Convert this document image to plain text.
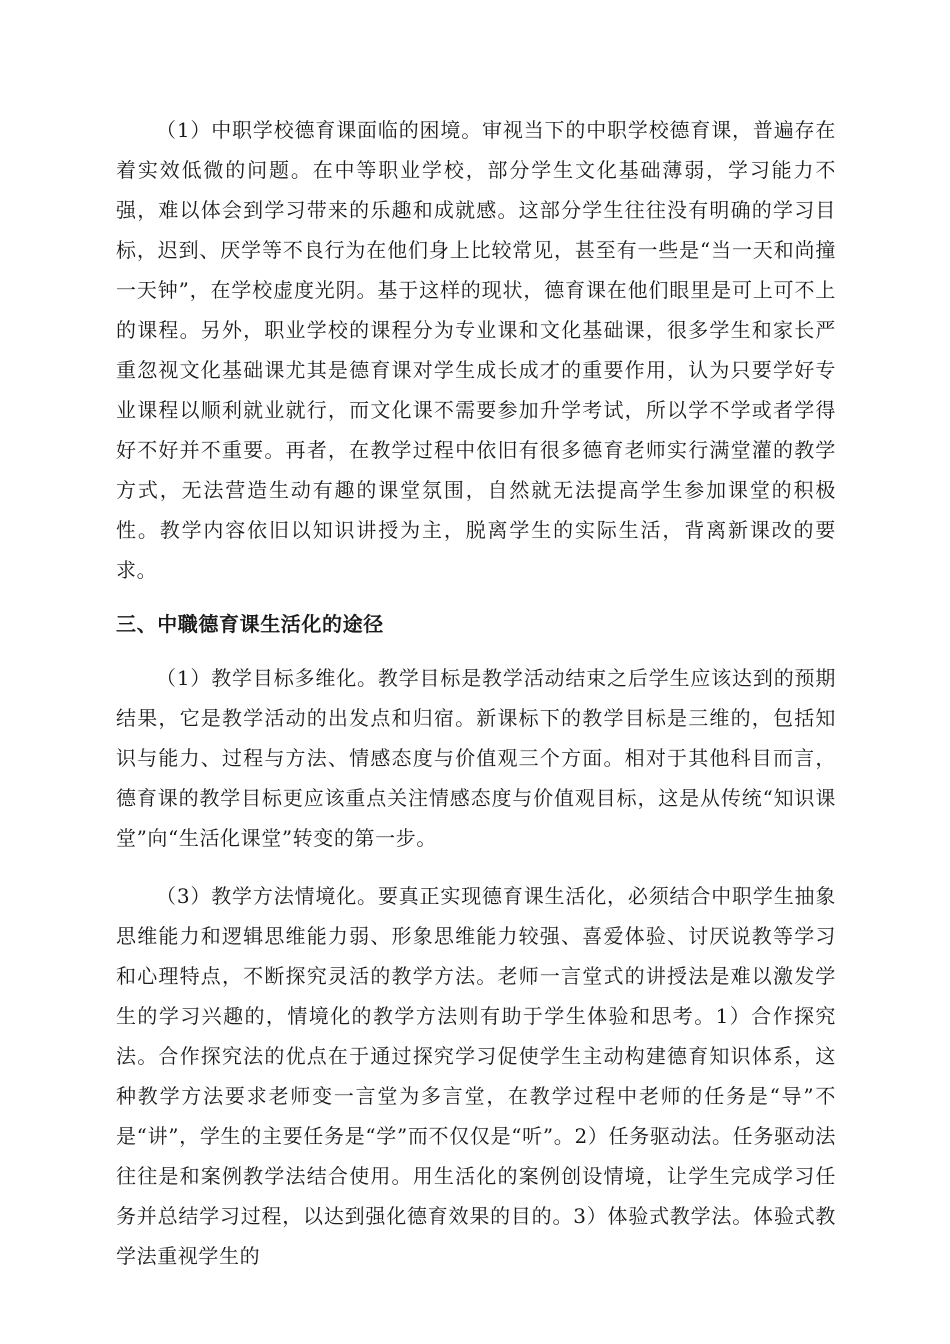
（1）中职学校德育课面临的困境。审视当下的中职学校德育课，普遍存在着实效低微的问题。在中等职业学校，部分学生文化基础薄弱，学习能力不强，难以体会到学习带来的乐趣和成就感。这部分学生往往没有明确的学习目标，迟到、厌学等不良行为在他们身上比较常见，甚至有一些是“当一天和尚撞一天钟”，在学校虚度光阴。基于这样的现状，德育课在他们眼里是可上可不上的课程。另外，职业学校的课程分为专业课和文化基础课，很多学生和家长严重忽视文化基础课尤其是德育课对学生成长成才的重要作用，认为只要学好专业课程以顺利就业就行，而文化课不需要参加升学考试，所以学不学或者学得好不好并不重要。再者，在教学过程中依旧有很多德育老师实行满堂灌的教学方式，无法营造生动有趣的课堂氛围，自然就无法提高学生参加课堂的积极性。教学内容依旧以知识讲授为主，脱离学生的实际生活，背离新课改的要求。

三、中職德育课生活化的途径

（1）教学目标多维化。教学目标是教学活动结束之后学生应该达到的预期结果，它是教学活动的出发点和归宿。新课标下的教学目标是三维的，包括知识与能力、过程与方法、情感态度与价值观三个方面。相对于其他科目而言，德育课的教学目标更应该重点关注情感态度与价值观目标，这是从传统“知识课堂”向“生活化课堂”转变的第一步。

（3）教学方法情境化。要真正实现德育课生活化，必须结合中职学生抽象思维能力和逻辑思维能力弱、形象思维能力较强、喜爱体验、讨厌说教等学习和心理特点，不断探究灵活的教学方法。老师一言堂式的讲授法是难以激发学生的学习兴趣的，情境化的教学方法则有助于学生体验和思考。1）合作探究法。合作探究法的优点在于通过探究学习促使学生主动构建德育知识体系，这种教学方法要求老师变一言堂为多言堂，在教学过程中老师的任务是“导”不是“讲”，学生的主要任务是“学”而不仅仅是“听”。2）任务驱动法。任务驱动法往往是和案例教学法结合使用。用生活化的案例创设情境，让学生完成学习任务并总结学习过程，以达到强化德育效果的目的。3）体验式教学法。体验式教学法重视学生的
